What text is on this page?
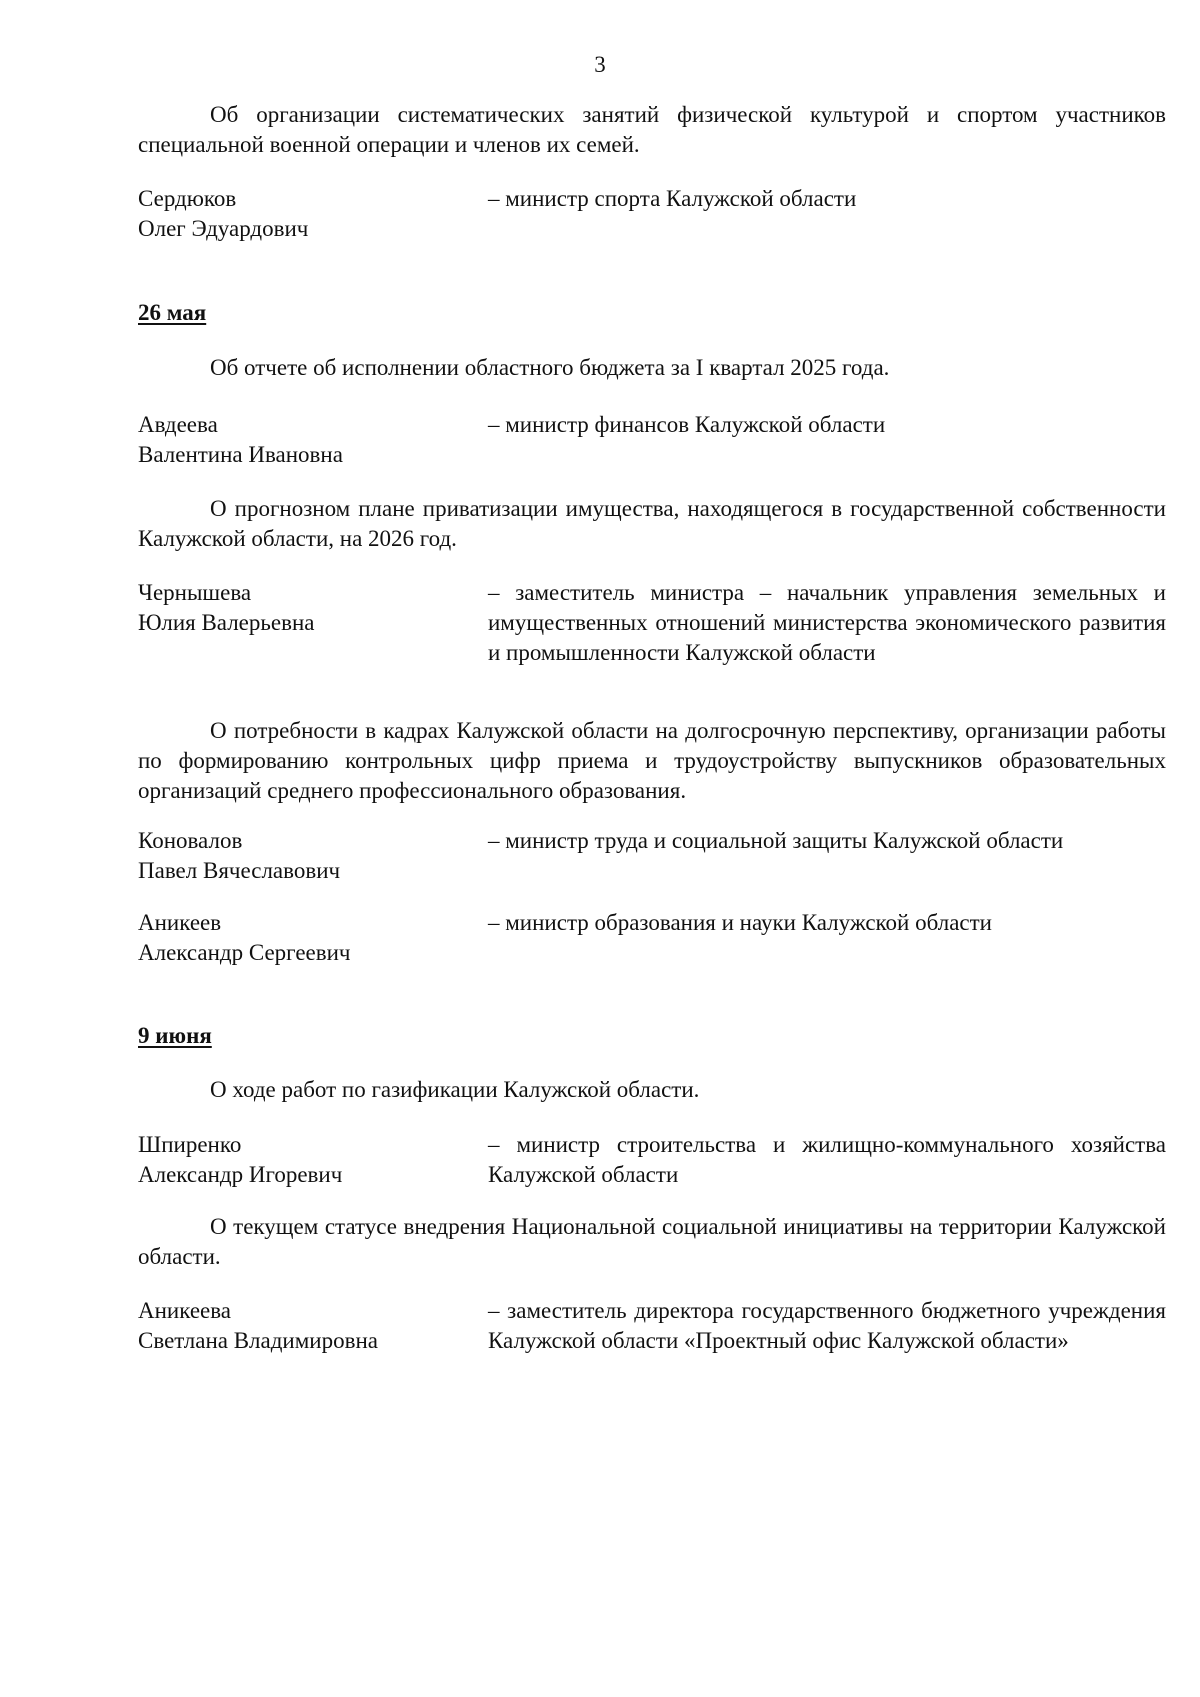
3
Об организации систематических занятий физической культурой и спортом участников специальной военной операции и членов их семей.
Сердюков
Олег Эдуардович
– министр спорта Калужской области
26 мая
Об отчете об исполнении областного бюджета за I квартал 2025 года.
Авдеева
Валентина Ивановна
– министр финансов Калужской области
О прогнозном плане приватизации имущества, находящегося в государственной собственности Калужской области, на 2026 год.
Чернышева
Юлия Валерьевна
– заместитель министра – начальник управления земельных и имущественных отношений министерства экономического развития и промышленности Калужской области
О потребности в кадрах Калужской области на долгосрочную перспективу, организации работы по формированию контрольных цифр приема и трудоустройству выпускников образовательных организаций среднего профессионального образования.
Коновалов
Павел Вячеславович
– министр труда и социальной защиты Калужской области
Аникеев
Александр Сергеевич
– министр образования и науки Калужской области
9 июня
О ходе работ по газификации Калужской области.
Шпиренко
Александр Игоревич
– министр строительства и жилищно-коммунального хозяйства Калужской области
О текущем статусе внедрения Национальной социальной инициативы на территории Калужской области.
Аникеева
Светлана Владимировна
– заместитель директора государственного бюджетного учреждения Калужской области «Проектный офис Калужской области»
